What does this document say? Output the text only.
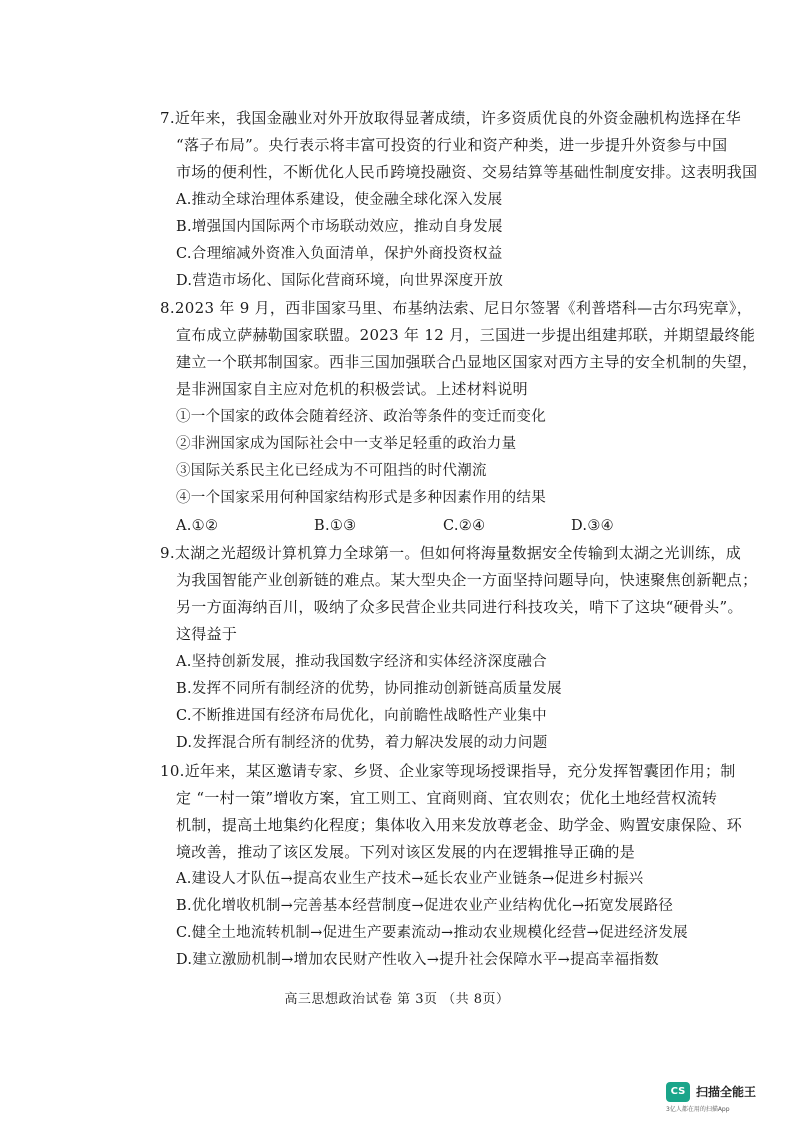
7.近年来，我国金融业对外开放取得显著成绩，许多资质优良的外资金融机构选择在华
“落子布局”。央行表示将丰富可投资的行业和资产种类，进一步提升外资参与中国
市场的便利性，不断优化人民币跨境投融资、交易结算等基础性制度安排。这表明我国
A.推动全球治理体系建设，使金融全球化深入发展
B.增强国内国际两个市场联动效应，推动自身发展
C.合理缩减外资准入负面清单，保护外商投资权益
D.营造市场化、国际化营商环境，向世界深度开放
8.2023 年 9 月，西非国家马里、布基纳法索、尼日尔签署《利普塔科—古尔玛宪章》，
宣布成立萨赫勒国家联盟。2023 年 12 月，三国进一步提出组建邦联，并期望最终能
建立一个联邦制国家。西非三国加强联合凸显地区国家对西方主导的安全机制的失望，
是非洲国家自主应对危机的积极尝试。上述材料说明
①一个国家的政体会随着经济、政治等条件的变迁而变化
②非洲国家成为国际社会中一支举足轻重的政治力量
③国际关系民主化已经成为不可阻挡的时代潮流
④一个国家采用何种国家结构形式是多种因素作用的结果
A.①②	B.①③	C.②④	D.③④
9.太湖之光超级计算机算力全球第一。但如何将海量数据安全传输到太湖之光训练，成
为我国智能产业创新链的难点。某大型央企一方面坚持问题导向，快速聚焦创新靶点；
另一方面海纳百川，吸纳了众多民营企业共同进行科技攻关，啃下了这块“硬骨头”。
这得益于
A.坚持创新发展，推动我国数字经济和实体经济深度融合
B.发挥不同所有制经济的优势，协同推动创新链高质量发展
C.不断推进国有经济布局优化，向前瞻性战略性产业集中
D.发挥混合所有制经济的优势，着力解决发展的动力问题
10.近年来，某区邀请专家、乡贤、企业家等现场授课指导，充分发挥智囊团作用；制
定 “一村一策”增收方案，宜工则工、宜商则商、宜农则农；优化土地经营权流转
机制，提高土地集约化程度；集体收入用来发放尊老金、助学金、购置安康保险、环
境改善，推动了该区发展。下列对该区发展的内在逻辑推导正确的是
A.建设人才队伍→提高农业生产技术→延长农业产业链条→促进乡村振兴
B.优化增收机制→完善基本经营制度→促进农业产业结构优化→拓宽发展路径
C.健全土地流转机制→促进生产要素流动→推动农业规模化经营→促进经济发展
D.建立激励机制→增加农民财产性收入→提升社会保障水平→提高幸福指数
高三思想政治试卷 第 3页 （共 8页）
CS 扫描全能王
3亿人都在用的扫描App
